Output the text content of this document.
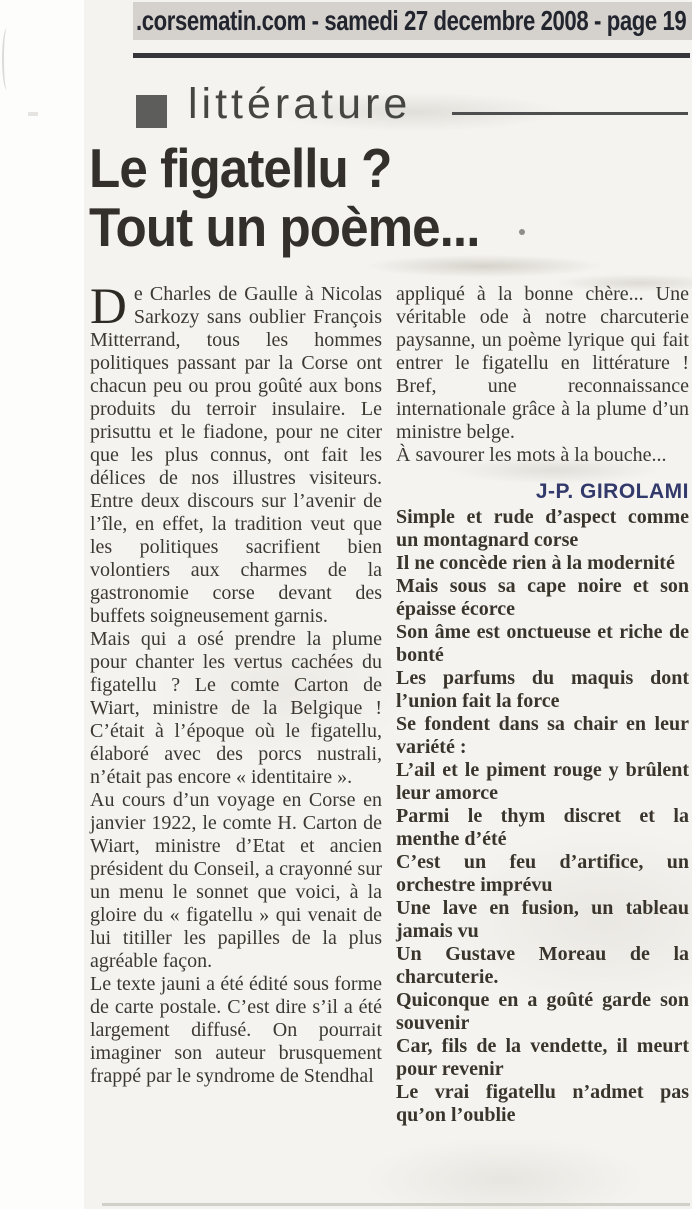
.corsematin.com - samedi 27 decembre 2008 - page 19
littérature
Le figatellu ?
Tout un poème...

De Charles de Gaulle à Nicolas Sarkozy sans oublier François Mitterrand, tous les hommes politiques passant par la Corse ont chacun peu ou prou goûté aux bons produits du terroir insulaire. Le prisuttu et le fiadone, pour ne citer que les plus connus, ont fait les délices de nos illustres visiteurs. Entre deux discours sur l’avenir de l’île, en effet, la tradition veut que les politiques sacrifient bien volontiers aux charmes de la gastronomie corse devant des buffets soigneusement garnis.

Mais qui a osé prendre la plume pour chanter les vertus cachées du figatellu ? Le comte Carton de Wiart, ministre de la Belgique ! C’était à l’époque où le figatellu, élaboré avec des porcs nustrali, n’était pas encore « identitaire ».

Au cours d’un voyage en Corse en janvier 1922, le comte H. Carton de Wiart, ministre d’Etat et ancien président du Conseil, a crayonné sur un menu le sonnet que voici, à la gloire du « figatellu » qui venait de lui titiller les papilles de la plus agréable façon.

Le texte jauni a été édité sous forme de carte postale. C’est dire s’il a été largement diffusé. On pourrait imaginer son auteur brusquement frappé par le syndrome de Stendhal

appliqué à la bonne chère... Une véritable ode à notre charcuterie paysanne, un poème lyrique qui fait entrer le figatellu en littérature ! Bref, une reconnaissance internationale grâce à la plume d’un ministre belge.

À savourer les mots à la bouche...

J-P. GIROLAMI

Simple et rude d’aspect comme un montagnard corse

Il ne concède rien à la modernité

Mais sous sa cape noire et son épaisse écorce

Son âme est onctueuse et riche de bonté

Les parfums du maquis dont l’union fait la force

Se fondent dans sa chair en leur variété :

L’ail et le piment rouge y brûlent leur amorce

Parmi le thym discret et la menthe d’été

C’est un feu d’artifice, un orchestre imprévu

Une lave en fusion, un tableau jamais vu

Un Gustave Moreau de la charcuterie.

Quiconque en a goûté garde son souvenir

Car, fils de la vendette, il meurt pour revenir

Le vrai figatellu n’admet pas qu’on l’oublie
